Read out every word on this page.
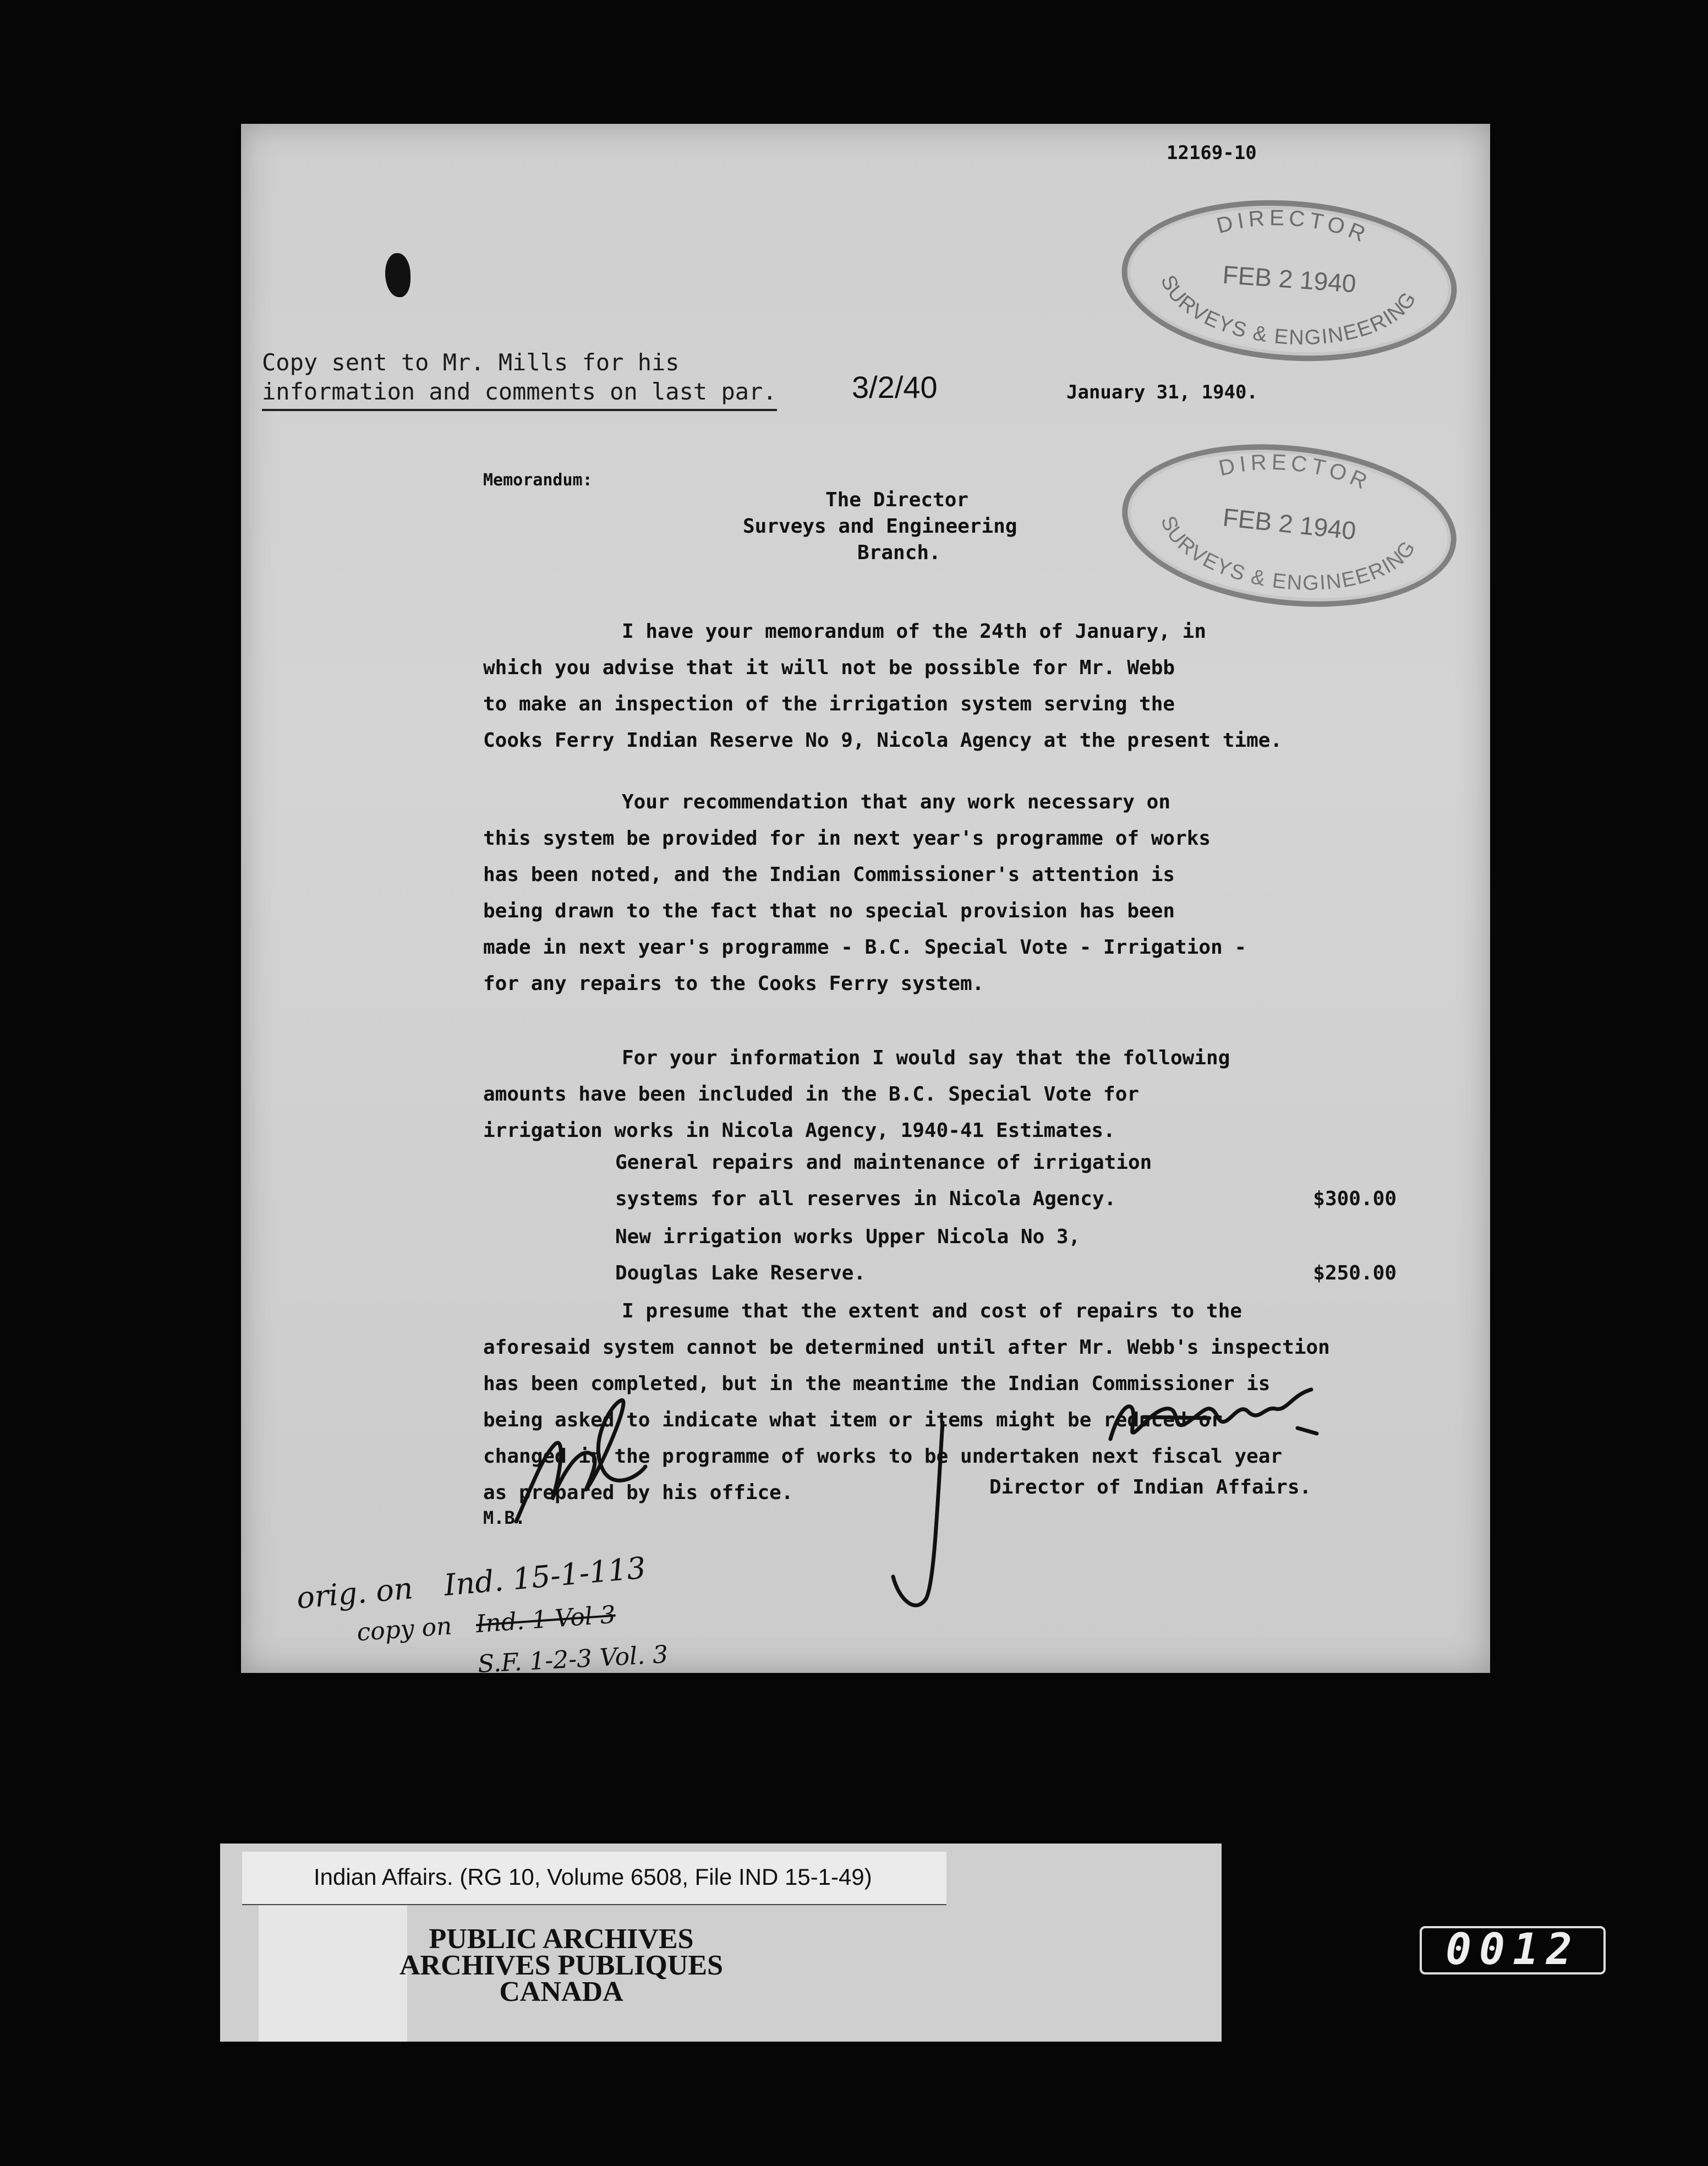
12169-10
Copy sent to Mr. Mills for his
information and comments on last par. 3/2/40	January 31, 1940.
DIRECTOR
SURVEYS & ENGINEERING
FEB 2 1940
DIRECTOR
SURVEYS & ENGINEERING
FEB 2 1940
Memorandum:
The Director
Surveys and Engineering
Branch.
I have your memorandum of the 24th of January, in
which you advise that it will not be possible for Mr. Webb
to make an inspection of the irrigation system serving the
Cooks Ferry Indian Reserve No 9, Nicola Agency at the present time.
Your recommendation that any work necessary on
this system be provided for in next year's programme of works
has been noted, and the Indian Commissioner's attention is
being drawn to the fact that no special provision has been
made in next year's programme - B.C. Special Vote - Irrigation -
for any repairs to the Cooks Ferry system.
For your information I would say that the following
amounts have been included in the B.C. Special Vote for
irrigation works in Nicola Agency, 1940-41 Estimates.
General repairs and maintenance of irrigation
systems for all reserves in Nicola Agency.	$300.00
New irrigation works Upper Nicola No 3,
Douglas Lake Reserve.	$250.00
I presume that the extent and cost of repairs to the
aforesaid system cannot be determined until after Mr. Webb's inspection
has been completed, but in the meantime the Indian Commissioner is
being asked to indicate what item or items might be reduced or
changed in the programme of works to be undertaken next fiscal year
as prepared by his office.	Director of Indian Affairs.
M.B.
orig. on Ind. 15-1-113
copy on Ind. 1 Vol 3
S.F. 1-2-3 Vol. 3
Indian Affairs. (RG 10, Volume 6508, File IND 15-1-49)
PUBLIC ARCHIVES
ARCHIVES PUBLIQUES
CANADA
0012
